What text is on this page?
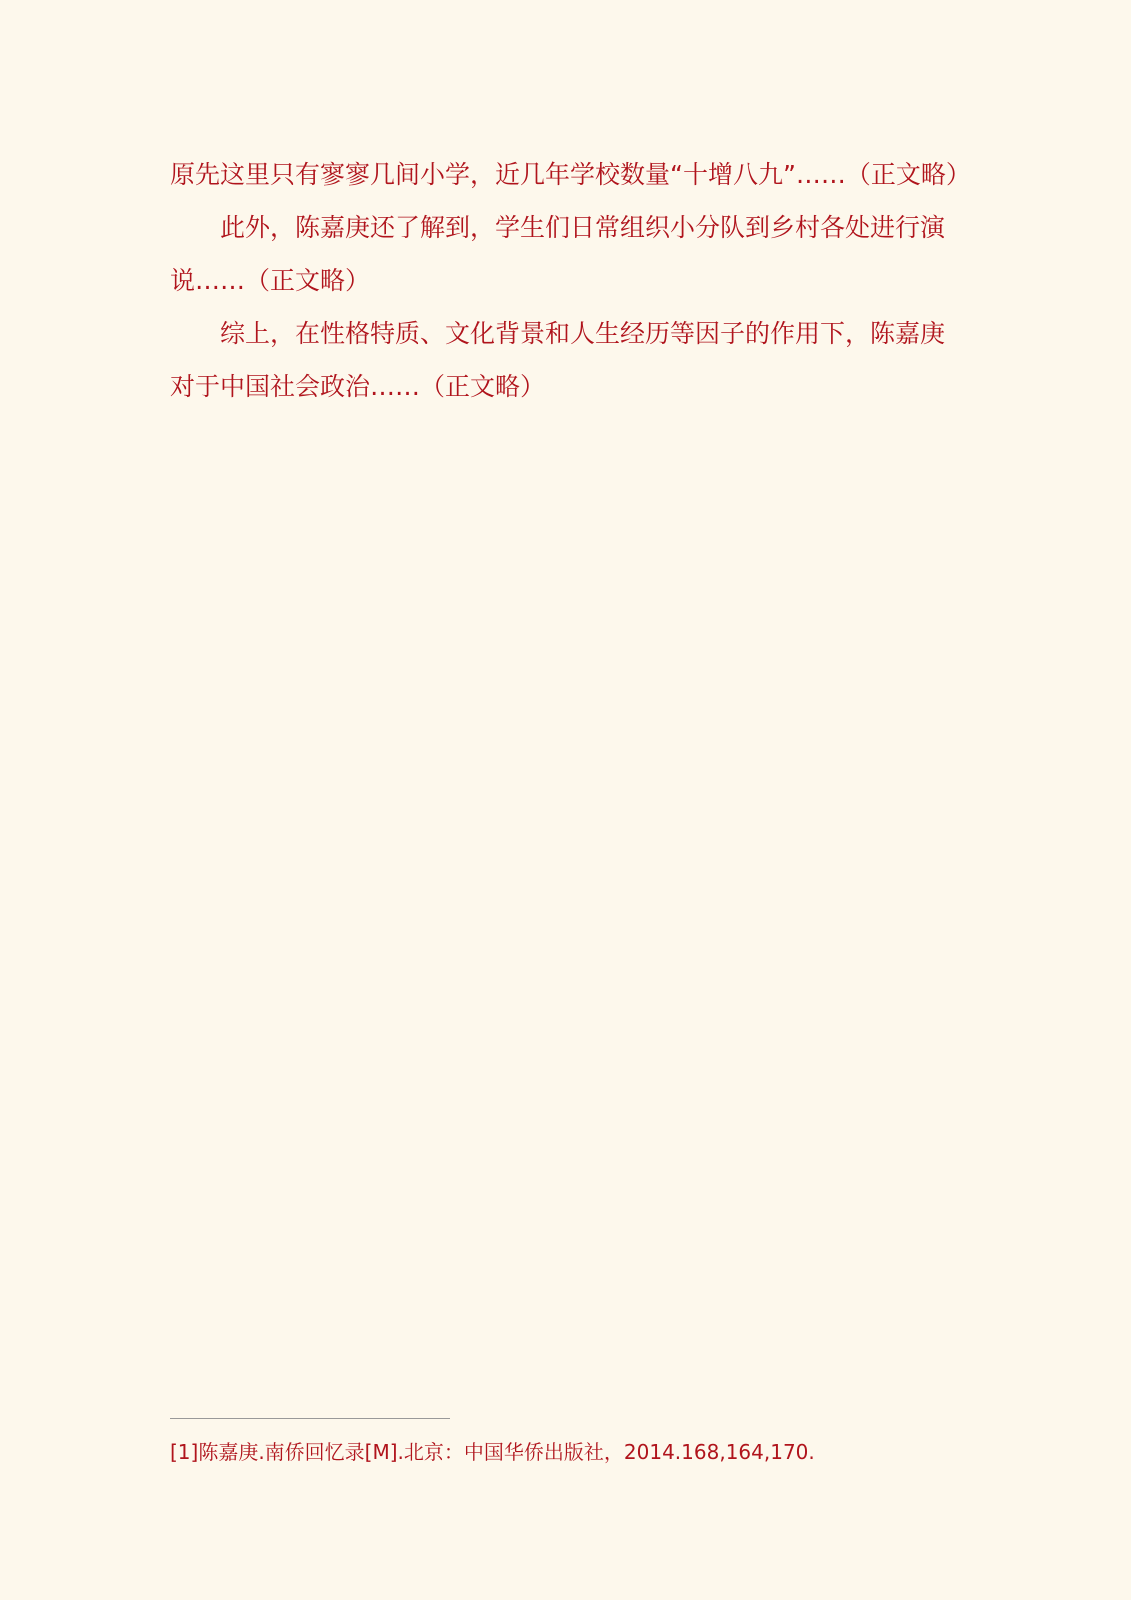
原先这里只有寥寥几间小学，近几年学校数量“十增八九”……（正文略）

此外，陈嘉庚还了解到，学生们日常组织小分队到乡村各处进行演说……（正文略）

综上，在性格特质、文化背景和人生经历等因子的作用下，陈嘉庚对于中国社会政治……（正文略）

[1]陈嘉庚.南侨回忆录[M].北京：中国华侨出版社，2014.168,164,170.
